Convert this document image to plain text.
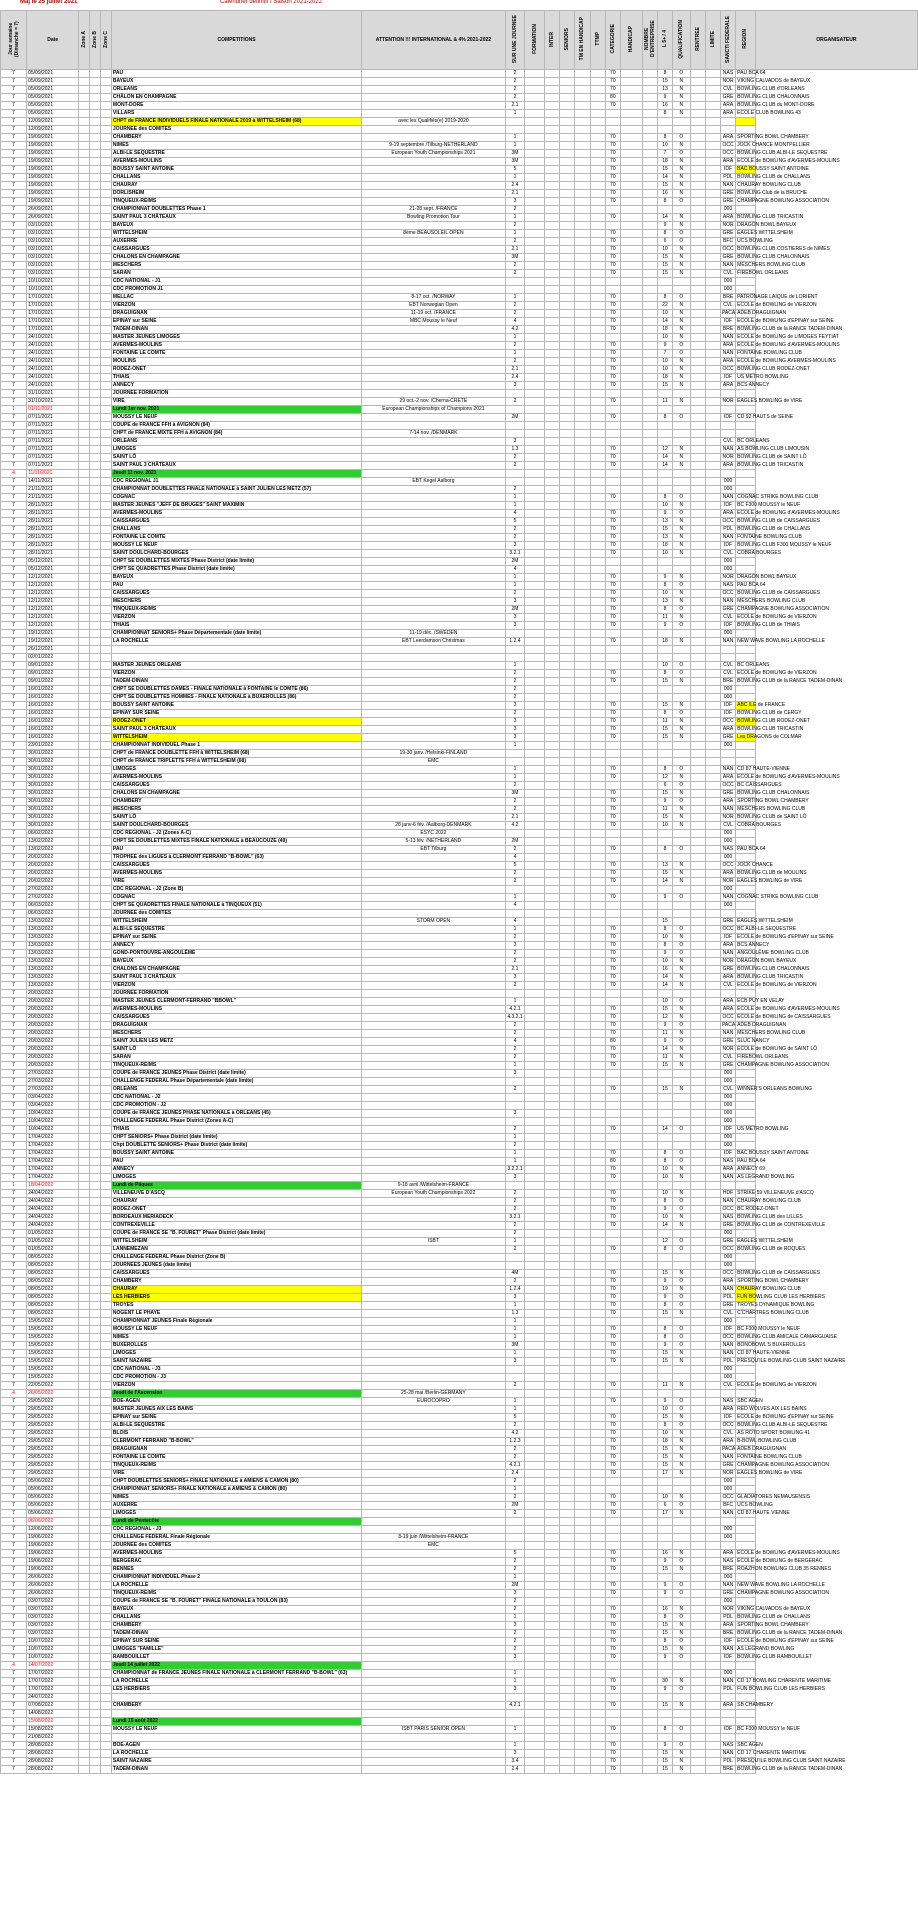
Màj le 25 juillet 2021	Calendrier définitif / Saison 2021-2022
Jour semaine (Dimanche = 7)	Date	Zone A	Zone B	Zone C	COMPETITIONS	ATTENTION !!! INTERNATIONAL & 4% 2021-2022	SUR UNE JOURNEE	FORMATION	INTER	SENIORS	TM EN HANDICAP	TTMP	CATEGORIE	HANDICAP	NOMBRE D'ENTREPRISE	L 5+ / 4	QUALIFICATION	RENTREE	LIMITE	SANCTI FEDERALE	REGION	ORGANISATEUR
7	05/09/2021				PAU		2						70			8	O			NAS	PAU BCA 64	
7	05/09/2021				BAYEUX		2						70			15	N			NOR	VIKING CALVADOS de BAYEUX	
7	05/09/2021				ORLEANS		2						70			13	N			CVL	BOWLING CLUB d'ORLEANS	
7	05/09/2021				CHÂLON EN CHAMPAGNE		2						80			9	N			GRE	BOWLING CLUB CHALONNAIS	
7	05/09/2021				MONT-DORE		2.1						70			16	N			ARA	BOWLING CLUB du MONT-DORE	
7	05/09/2021				VILLARS		1									8	N			ARA	ECOLE CLUB BOWLING 43	
7	12/09/2021				CHPT de FRANCE INDIVIDUELS FINALE NATIONALE 2019 à WITTELSHEIM (68)	avec les Qualifiés(e) 2019-2020																
7	12/09/2021				JOURNEE des COMITES																	
7	19/09/2021				CHAMBERY		1						70			8	O			ARA	SPORTING BOWL CHAMBERY	
7	19/09/2021				NIMES	9-19 septembre /Tilburg-NETHERLAND	1						70			10	N			OCC	JOCK CHANCE MONTPELLIER	
7	19/09/2021				ALBI-LE SEQUESTRE	European Youth Championships 2021	3M						70			7	O			OCC	BOWLING CLUB ALBI-LE SEQUESTRE	
7	19/09/2021				AVERMES-MOULINS		3M						70			18	N			ARA	ECOLE de BOWLING d'AVERMES-MOULINS	
7	19/09/2021				BOUSSY SAINT ANTOINE		5						70			15	N			IDF	BAC BOUSSY SAINT ANTOINE	
7	19/09/2021				CHALLANS		1						70			14	N			PDL	BOWLING CLUB de CHALLANS	
7	19/09/2021				CHAURAY		2.4						70			15	N			NAN	CHAURAY BOWLING CLUB	
7	19/09/2021				DORLISHEIM		2.1						70			16	N			GRE	BOWLING Club de la BRUCHE	
7	19/09/2021				TINQUEUX-REIMS		3						70			8	O			GRE	CHAMPAGNE BOWLING ASSOCIATION	
7	26/09/2021				CHAMPIONNAT DOUBLETTES Phase 1	21-28 sept. /FRANCE	2													000		
7	26/09/2021				SAINT PAUL 3 CHÂTEAUX	Bowling Promotion Tour	1						70			14	N			ARA	BOWLING CLUB TRICASTIN	
7	03/10/2021				BAYEUX		2									9	N			NOR	DRAGON BOWL BAYEUX	
7	03/10/2021				WITTELSHEIM	8ème BEAUSOLEIL OPEN	1						70			8	O			GRE	EAGLES WITTELSHEIM	
7	03/10/2021				AUXERRE		2						70			6	O			BFC	UCS BOWLING	
7	03/10/2021				CAISSARGUES		2.1						70			10	N			OCC	BOWLING CLUB COSTIERES de NIMES	
7	03/10/2021				CHALONS EN CHAMPAGNE		3M						70			15	N			GRE	BOWLING CLUB CHALONNAIS	
7	03/10/2021				MESCHERS		2						70			15	N			NAN	MESCHERS BOWLING CLUB	
7	03/10/2021				SARAN		2						70			15	N			CVL	FIREBOWL ORLEANS	
7	10/10/2021				CDC NATIONAL - J1															000		
7	10/10/2021				CDC PROMOTION J1															000		
7	17/10/2021				MELLAC	8-17 oct. /NORWAY	1						70			8	O			BRE	PATRONAGE LAIQUE de LORIENT	
7	17/10/2021				VIERZON	EBT Norwegian Open	2						70			22	N			CVL	ECOLE de BOWLING de VIERZON	
7	17/10/2021				DRAGUIGNAN	11-19 oct. /FRANCE	2						70			10	N			PACA	ADEB DRAGUIGNAN	
7	17/10/2021				EPINAY sur SEINE	MBC Moussy le Neuf	4						70			14	N			IDF	ECOLE de BOWLING d'EPINAY sur SEINE	
7	17/10/2021				TADEM-DINAN		4.2						70			18	N			BRE	BOWLING CLUB de la RANCE TADEM-DINAN	
7	24/10/2021				MASTER JEUNES LIMOGES		1									10	N			NAN	ECOLE de BOWLING de LIMOGES FEYTIAT	
7	24/10/2021				AVERMES-MOULINS		2						70			9	O			ARA	ECOLE de BOWLING d'AVERMES-MOULINS	
7	24/10/2021				FONTAINE LE COMTE		1						70			7	O			NAN	FONTAINE BOWLING CLUB	
7	24/10/2021				MOULINS		2						70			10	N			ARA	ECOLE de BOWLING AVERMES-MOULINS	
7	24/10/2021				RODEZ-ONET		2.1						70			10	N			OCC	BOWLING CLUB RODEZ-ONET	
7	24/10/2021				THIAIS		2.4						70			18	N			IDF	US METRO BOWLING	
7	24/10/2021				ANNECY		3						70			15	N			ARA	BCS ANNECY	
7	31/10/2021				JOURNEE FORMATION																	
7	31/10/2021				VIRE	29 oct.-2 nov. /Cherna-CRETE	2						70			11	N			NOR	EAGLES BOWLING de VIRE	
1	01/11/2021				Lundi 1er nov. 2021	European Championships of Champions 2021																
7	07/11/2021				MOUSSY LE NEUF		2M						70			8	O			IDF	CD 92 HAUTS de SEINE	
7	07/11/2021				COUPE de FRANCE FFH à AVIGNON (84)																	
7	07/11/2021				CHPT de FRANCE MIXTE FFH à AVIGNON (84)	7-14 nov. /DENMARK																
7	07/11/2021				ORLEANS		3													CVL	BC ORLEANS	
7	07/11/2021				LIMOGES		1.3						70			12	N			NAN	AS BOWLING CLUB LIMOUSIN	
7	07/11/2021				SAINT LÔ		2						70			14	N			NOR	BOWLING CLUB de SAINT LÔ	
7	07/11/2021				SAINT PAUL 3 CHÂTEAUX		2						70			14	N			ARA	BOWLING CLUB TRICASTIN	
4	11/11/2021				Jeudi 11 nov. 2021																	
7	14/11/2021				CDC REGIONAL J1	EBT Kegel Aalborg														000		
7	21/11/2021				CHAMPIONNAT DOUBLETTES FINALE NATIONALE à SAINT JULIEN LES METZ (57)		2													000		
7	21/11/2021				COGNAC		1						70			8	O			NAN	COGNAC STRIKE BOWLING CLUB	
7	28/11/2021				MASTER JEUNES "JEFF DE BRUGES" SAINT MAXIMIN		1									10	N			IDF	BC F300 MOUSSY le NEUF	
7	28/11/2021				AVERMES-MOULINS		4						70			9	O			ARA	ECOLE de BOWLING d'AVERMES-MOULINS	
7	28/11/2021				CAISSARGUES		5						70			13	N			OCC	BOWLING CLUB de CAISSARGUES	
7	28/11/2021				CHALLANS		2						70			15	N			PDL	BOWLING CLUB de CHALLANS	
7	28/11/2021				FONTAINE LE COMTE		2						70			13	N			NAN	FONTAINE BOWLING CLUB	
7	28/11/2021				MOUSSY LE NEUF		3						70			18	N			IDF	BOWLING CLUB F300 MOUSSY le NEUF	
7	28/11/2021				SAINT DOULCHARD-BOURGES		3.2.1						70			10	N			CVL	COBRA BOURGES	
7	05/12/2021				CHPT SE DOUBLETTES MIXTES Phase District (date limite)		2M													000		
7	05/12/2021				CHPT SE QUADRETTES Phase District (date limite)		4													000		
7	12/12/2021				BAYEUX		1						70			9	N			NOR	DRAGON BOWL BAYEUX	
7	12/12/2021				PAU		1						70			8	O			NAS	PAU BCA 64	
7	12/12/2021				CAISSARGUES		2						70			10	N			OCC	BOWLING CLUB de CAISSARGUES	
7	12/12/2021				MESCHERS		3						70			13	N			NAN	MESCHERS BOWLING CLUB	
7	12/12/2021				TINQUEUX-REIMS		2M						70			8	O			GRE	CHAMPAGNE BOWLING ASSOCIATION	
7	12/12/2021				VIERZON		3						70			11	N			CVL	ECOLE de BOWLING de VIERZON	
7	12/12/2021				THIAIS		3						70			9	O			IDF	BOWLING CLUB de THIAIS	
7	19/12/2021				CHAMPIONNAT SENIORS+ Phase Départementale (date limite)	11-19 déc. /SWEDEN														000		
7	19/12/2021				LA ROCHELLE	EBT Leerdamson Christmas	1.2.4						70			18	N			NAN	NEW WAVE BOWLING LA ROCHELLE	
7	26/12/2021																					
7	02/01/2022																					
7	09/01/2022				MASTER JEUNES ORLEANS		1									10	O			CVL	BC ORLEANS	
7	09/01/2022				VIERZON		2						70			8	O			CVL	ECOLE de BOWLING de VIERZON	
7	09/01/2022				TADEM-DINAN		2						70			15	N			BRE	BOWLING CLUB de la RANCE TADEM-DINAN	
7	16/01/2022				CHPT SE DOUBLETTES DAMES - FINALE NATIONALE à FONTAINE le COMTE (86)		2													000		
7	16/01/2022				CHPT SE DOUBLETTES HOMMES - FINALE NATIONALE à BUXEROLLES (86)		2													000		
7	16/01/2022				BOUSSY SAINT ANTOINE		3						70			15	N			IDF	ABC ILE de FRANCE	
7	16/01/2022				EPINAY SUR SEINE		2						70			8	O			IDF	BOWLING CLUB de CERGY	
7	16/01/2022				RODEZ-ONET		3						70			11	N			OCC	BOWLING CLUB RODEZ-ONET	
7	16/01/2022				SAINT PAUL 3 CHÂTEAUX		3						70			15	N			ARA	BOWLING CLUB TRICASTIN	
7	16/01/2022				WITTELSHEIM		3						70			15	N			GRE	Les DRAGONS de COLMAR	
7	23/01/2022				CHAMPIONNAT INDIVIDUEL Phase 1		1													000		
7	30/01/2022				CHPT de FRANCE DOUBLETTE FFH à WITTELSHEIM (68)	19-30 janv. /Helsinki-FINLAND																
7	30/01/2022				CHPT de FRANCE TRIPLETTE FFH à WITTELSHEIM (68)	EMC																
7	30/01/2022				LIMOGES		1						70			8	O			NAN	CD 87 HAUTE-VIENNE	
7	30/01/2022				AVERMES-MOULINS		1						70			12	N			ARA	ECOLE de BOWLING d'AVERMES-MOULINS	
7	30/01/2022				CAISSARGUES		2									6	O			OCC	BC CAISSARGUES	
7	30/01/2022				CHALONS EN CHAMPAGNE		3M						70			15	N			GRE	BOWLING CLUB CHALONNAIS	
7	30/01/2022				CHAMBERY		2						70			9	O			ARA	SPORTING BOWL CHAMBERY	
7	30/01/2022				MESCHERS		2						70			11	N			NAN	MESCHERS BOWLING CLUB	
7	30/01/2022				SAINT LÔ		2.1						70			15	N			NOR	BOWLING CLUB de SAINT LÔ	
7	30/01/2022				SAINT DOULCHARD-BOURGES	28 janv-6 fév. /Aalborg-DENMARK	4.2						70			10	N			CVL	COBRA BOURGES	
7	06/02/2022				CDC REGIONAL - J2 (Zones A-C)	ESYC 2022														000		
7	13/02/2022				CHPT SE DOUBLETTES MIXTES FINALE NATIONALE à BEAUCOUZE (49)	5-13 fév. /NETHERLAND	2M													000		
7	13/02/2022				PAU	EBT Tilburg	2						70			8	O			NAS	PAU BCA 64	
7	20/02/2022				TROPHEE des LIGUES à CLERMONT FERRAND "B-BOWL" (63)		4													000		
7	20/02/2022				CAISSARGUES		5						70			13	N			OCC	JOCK CHANCE	
7	20/02/2022				AVERMES-MOULINS		2						70			15	N			ARA	BOWLING CLUB de MOULINS	
7	20/02/2022				VIRE		2						70			14	N			NOR	EAGLES BOWLING de VIRE	
7	27/02/2022				CDC REGIONAL - J2 (Zone B)															000		
7	27/02/2022				COGNAC		1						70			9	O			NAN	COGNAC STRIKE BOWLING CLUB	
7	06/03/2022				CHPT SE QUADRETTES FINALE NATIONALE à TINQUEUX (51)		4													000		
7	06/03/2022				JOURNEE des COMITES																	
7	13/03/2022				WITTELSHEIM	STORM OPEN	4									15				GRE	EAGLES WITTELSHEIM	
7	13/03/2022				ALBI-LE SEQUESTRE		1						70			8	O			OCC	BC ALBI-LE SEQUESTRE	
7	13/03/2022				EPINAY sur SEINE		2						70			10	N			IDF	ECOLE de BOWLING d'EPINAY sur SEINE	
7	13/03/2022				ANNECY		3						70			8	O			ARA	BCS ANNECY	
7	13/03/2022				GOND-PONTOUVRE-ANGOULÊME		2						70			9	O			NAN	ANGOULÊME BOWLING CLUB	
7	13/03/2022				BAYEUX		2						70			10	N			NOR	DRAGON BOWL BAYEUX	
7	13/03/2022				CHALONS EN CHAMPAGNE		2.1						70			16	N			GRE	BOWLING CLUB CHALONNAIS	
7	13/03/2022				SAINT PAUL 3 CHÂTEAUX		3						70			14	N			ARA	BOWLING CLUB TRICASTIN	
7	13/03/2022				VIERZON		2						70			14	N			CVL	ECOLE de BOWLING de VIERZON	
7	20/03/2022				JOURNEE FORMATION																	
7	20/03/2022				MASTER JEUNES CLERMONT-FERRAND "BBOWL"		1									10	O			ARA	ECB PUY EN VELAY	
7	20/03/2022				AVERMES-MOULINS		4.2.1						70			15	N			ARA	ECOLE de BOWLING d'AVERMES-MOULINS	
7	20/03/2022				CAISSARGUES		4.3.2.1						70			12	N			OCC	ECOLE de BOWLING de CAISSARGUES	
7	20/03/2022				DRAGUIGNAN		2						70			9	O			PACA	ADEB DRAGUIGNAN	
7	20/03/2022				MESCHERS		2						70			11	N			NAN	MESCHERS BOWLING CLUB	
7	20/03/2022				SAINT JULIEN LES METZ		4						80			9	O			GRE	SLUC NANCY	
7	20/03/2022				SAINT LÔ		2						70			14	N			NOR	ECOLE de BOWLING de SAINT LÔ	
7	20/03/2022				SARAN		2						70			11	N			CVL	FIREBOWL ORLEANS	
7	20/03/2022				TINQUEUX-REIMS		1						70			15	N			GRE	CHAMPAGNE BOWLING ASSOCIATION	
7	27/03/2022				COUPE de FRANCE JEUNES Phase District (date limite)		3													000		
7	27/03/2022				CHALLENGE FEDERAL Phase Départementale (date limite)															000		
7	27/03/2022				ORLEANS		2						70			15	N			CVL	WINNER'S ORLEANS BOWLING	
7	03/04/2022				CDC NATIONAL - J2															000		
7	03/04/2022				CDC PROMOTION - J2															000		
7	10/04/2022				COUPE de FRANCE JEUNES PHASE NATIONALE à ORLEANS (45)		3													000		
7	10/04/2022				CHALLENGE FEDERAL Phase District (Zones A-C)															000		
7	10/04/2022				THIAIS		2						70			14	O			IDF	US METRO BOWLING	
7	17/04/2022				CHPT SENIORS+ Phase District (date limite)		1													000		
7	17/04/2022				Chpt DOUBLETTE SENIORS+ Phase District (date limite)		2													000		
7	17/04/2022				BOUSSY SAINT ANTOINE		1						70			8	O			IDF	BAC BOUSSY SAINT ANTOINE	
7	17/04/2022				PAU		1						80			8	O			NAS	PAU BCA 64	
7	17/04/2022				ANNECY		3.2.2.1						70			10	N			ARA	ANNECY 69	
7	17/04/2022				LIMOGES		3						70			10	N			NAN	AS LEGRAND BOWLING	
1	18/04/2022				Lundi de Pâques	9-18 avril /Wittelsheim-FRANCE																
7	24/04/2022				VILLENEUVE D'ASCQ	European Youth Championships 2022	2						70			10	N			HDF	STRIKE 59 VILLENEUVE d'ASCQ	
7	24/04/2022				CHAURAY		2						70			8	O			NAN	CHAURAY BOWLING CLUB	
7	24/04/2022				RODEZ-ONET		2						70			9	O			OCC	BC RODEZ-ONET	
7	24/04/2022				BORDEAUX MERIADECK		3.2.1						70			10	N			NAS	BOWLING CLUB des LILLES	
7	24/04/2022				CONTREXEVILLE		2						70			14	N			GRE	BOWLING CLUB de CONTREXEVILLE	
7	01/05/2022				COUPE de FRANCE SE "B. FOURET" Phase District (date limite)		2													000		
7	01/05/2022				WITTELSHEIM	ISBT	1									12	O			GRE	EAGLES WITTELSHEIM	
7	01/05/2022				LANNEMEZAN		2						70			8	O			OCC	BOWLING CLUB de ROQUES	
7	08/05/2022				CHALLENGE FEDERAL Phase District (Zone B)															000		
7	08/05/2022				JOURNEES JEUNES (date limite)															000		
7	08/05/2022				CAISSARGUES		4M						70			15	N			OCC	BOWLING CLUB de CAISSARGUES	
7	08/05/2022				CHAMBERY		2						70			9	O			ARA	SPORTING BOWL CHAMBERY	
7	08/05/2022				CHAURAY		1.2.4						70			19	N			NAN	CHAURAY BOWLING CLUB	
7	08/05/2022				LES HERBIERS		3						70			9	O			PDL	FUN BOWLING CLUB LES HERBIERS	
7	08/05/2022				TROYES		1						70			8	O			GRE	TROYES DYNAMIQUE BOWLING	
7	08/05/2022				NOGENT LE PHAYE		1.3						70			15	N			CVL	C'CHARTRES BOWLING CLUB	
7	15/05/2022				CHAMPIONNAT JEUNES Finale Régionale		1													000		
7	15/05/2022				MOUSSY LE NEUF		1						70			8	O			IDF	BC F300 MOUSSY le NEUF	
7	15/05/2022				NIMES		1						70			8	O			OCC	BOWLING CLUB AMICALE CAMARGUAISE	
7	15/05/2022				BUXEROLLES		3M						70			9	O			NAN	BONOBOWL'S BUXEROLLES	
7	15/05/2022				LIMOGES		1						70			15	N			NAN	CD 87 HAUTE-VIENNE	
7	15/05/2022				SAINT NAZAIRE		3						70			15	N			PDL	PRESQU'ILE BOWLING CLUB SAINT NAZAIRE	
7	15/05/2022				CDC NATIONAL - J3															000		
7	15/05/2022				CDC PROMOTION - J3															000		
7	22/05/2022				VIERZON		2						70			11	N			CVL	ECOLE de BOWLING de VIERZON	
4	26/05/2022				Jeudi de l'Ascension	25-28 mai /Berlin-GERMANY																
7	29/05/2022				BOE-AGEN	EUROCOPRO	1						70			9	O			NAS	SBC AGEN	
7	29/05/2022				MASTER JEUNES AIX LES BAINS		1									10	O			ARA	RED WOLVES AIX LES BAINS	
7	29/05/2022				EPINAY sur SEINE		5						70			15	N			IDF	ECOLE de BOWLING d'EPINAY sur SEINE	
7	29/05/2022				ALBI-LE SEQUESTRE		2						70			8	O			OCC	BOWLING CLUB ALBI-LE SEQUESTRE	
7	29/05/2022				BLOIS		4.2						70			10	N			CVL	AS ROTO SPORT BOWLING 41	
7	29/05/2022				CLERMONT FERRAND "B-BOWL"		1.2.3						70			18	N			ARA	B-BOWL BOWLING CLUB	
7	29/05/2022				DRAGUIGNAN		2						70			15	N			PACA	ADEB DRAGUIGNAN	
7	29/05/2022				FONTAINE LE COMTE		2						70			15	N			NAN	FONTAINE BOWLING CLUB	
7	29/05/2022				TINQUEUX-REIMS		4.2.1						70			15	N			GRE	CHAMPAGNE BOWLING ASSOCIATION	
7	29/05/2022				VIRE		2.4						70			17	N			NOR	EAGLES BOWLING de VIRE	
7	05/06/2022				CHPT DOUBLETTES SENIORS+ FINALE NATIONALE à AMIENS & CAMON (80)		2													000		
7	05/06/2022				CHAMPIONNAT SENIORS+ FINALE NATIONALE à AMIENS & CAMON (80)		1													000		
7	05/06/2022				NIMES		2						70			10	N			OCC	GLADIATORES NEMAUSENSIS	
7	05/06/2022				AUXERRE		2M						70			6	O			BFC	UCS BOWLING	
7	05/06/2022				LIMOGES		2						70			17	N			NAN	CD 87 HAUTE VIENNE	
1	06/06/2022				Lundi de Pentecôte																	
7	12/06/2022				CDC REGIONAL - J3															000		
7	19/06/2022				CHALLENGE FEDERAL Finale Régionale	8-19 juin /Wittelsheim-FRANCE														000		
7	19/06/2022				JOURNEE des COMITES	EMC																
7	19/06/2022				AVERMES-MOULINS		5						70			16	N			ARA	ECOLE de BOWLING d'AVERMES-MOULINS	
7	19/06/2022				BERGERAC		2						70			9	O			NAS	ECOLE de BOWLING de BERGERAC	
7	19/06/2022				RENNES		2						70			15	N			BRE	ROAZHON BOWLING CLUB 35 RENNES	
7	26/06/2022				CHAMPIONNAT INDIVIDUEL Phase 2		1													000		
7	26/06/2022				LA ROCHELLE		2M						70			9	O			NAN	NEW WAVE BOWLING LA ROCHELLE	
7	26/06/2022				TINQUEUX-REIMS		3						70			9	O			GRE	CHAMPAGNE BOWLING ASSOCIATION	
7	03/07/2022				COUPE de FRANCE SE "B. FOURET" FINALE NATIONALE à TOULON (83)		2													000		
7	03/07/2022				BAYEUX		2						70			16	N			NOR	VIKING CALVADOS de BAYEUX	
7	03/07/2022				CHALLANS		1						70			8	O			PDL	BOWLING CLUB de CHALLANS	
7	03/07/2022				CHAMBERY		3						70			15	N			ARA	SPORTING BOWL CHAMBERY	
7	03/07/2022				TADEM-DINAN		2						70			15	N			BRE	BOWLING CLUB de la RANCE TADEM-DINAN	
7	10/07/2022				EPINAY SUR SEINE		2						70			8	O			IDF	ECOLE de BOWLING d'EPINAY sur SEINE	
7	10/07/2022				LIMOGES "FAMILLE"		2						70			15	N			NAN	AS LEGRAND BOWLING	
7	10/07/2022				RAMBOUILLET		3						70			9	O			IDF	BOWLING CLUB RAMBOUILLET	
4	14/07/2022				Jeudi 14 juillet 2022																	
7	17/07/2022				CHAMPIONNAT de FRANCE JEUNES FINALE NATIONALE à CLERMONT FERRAND "B-BOWL" (63)		1													000		
7	17/07/2022				LA ROCHELLE		1						70			30	N			NAN	CD 17 BOWLING CHARENTE MARITIME	
7	17/07/2022				LES HERBIERS		3						70			9	O			PDL	FUN BOWLING CLUB LES HERBIERS	
7	24/07/2022																					
7	07/08/2022				CHAMBERY		4.2.1						70			15	N			ARA	SB CHAMBERY	
7	14/08/2022																					
1	15/08/2022				Lundi 15 août 2022																	
7	15/08/2022				MOUSSY LE NEUF	ISBT PARIS SENIOR OPEN	1						70			8	O			IDF	BC F300 MOUSSY le NEUF	
7	21/08/2022																					
7	28/08/2022				BOE-AGEN		1						70			9	O			NAS	SBC AGEN	
7	28/08/2022				LA ROCHELLE		3						70			15	N			NAN	CD 17 CHARENTE MARITIME	
7	28/08/2022				SAINT NAZAIRE		3.4						70			15	N			PDL	PRESQU'ILE BOWLING CLUB SAINT NAZAIRE	
7	28/08/2022				TADEM-DINAN		2.4						70			15	N			BRE	BOWLING CLUB de la RANCE TADEM-DINAN	
